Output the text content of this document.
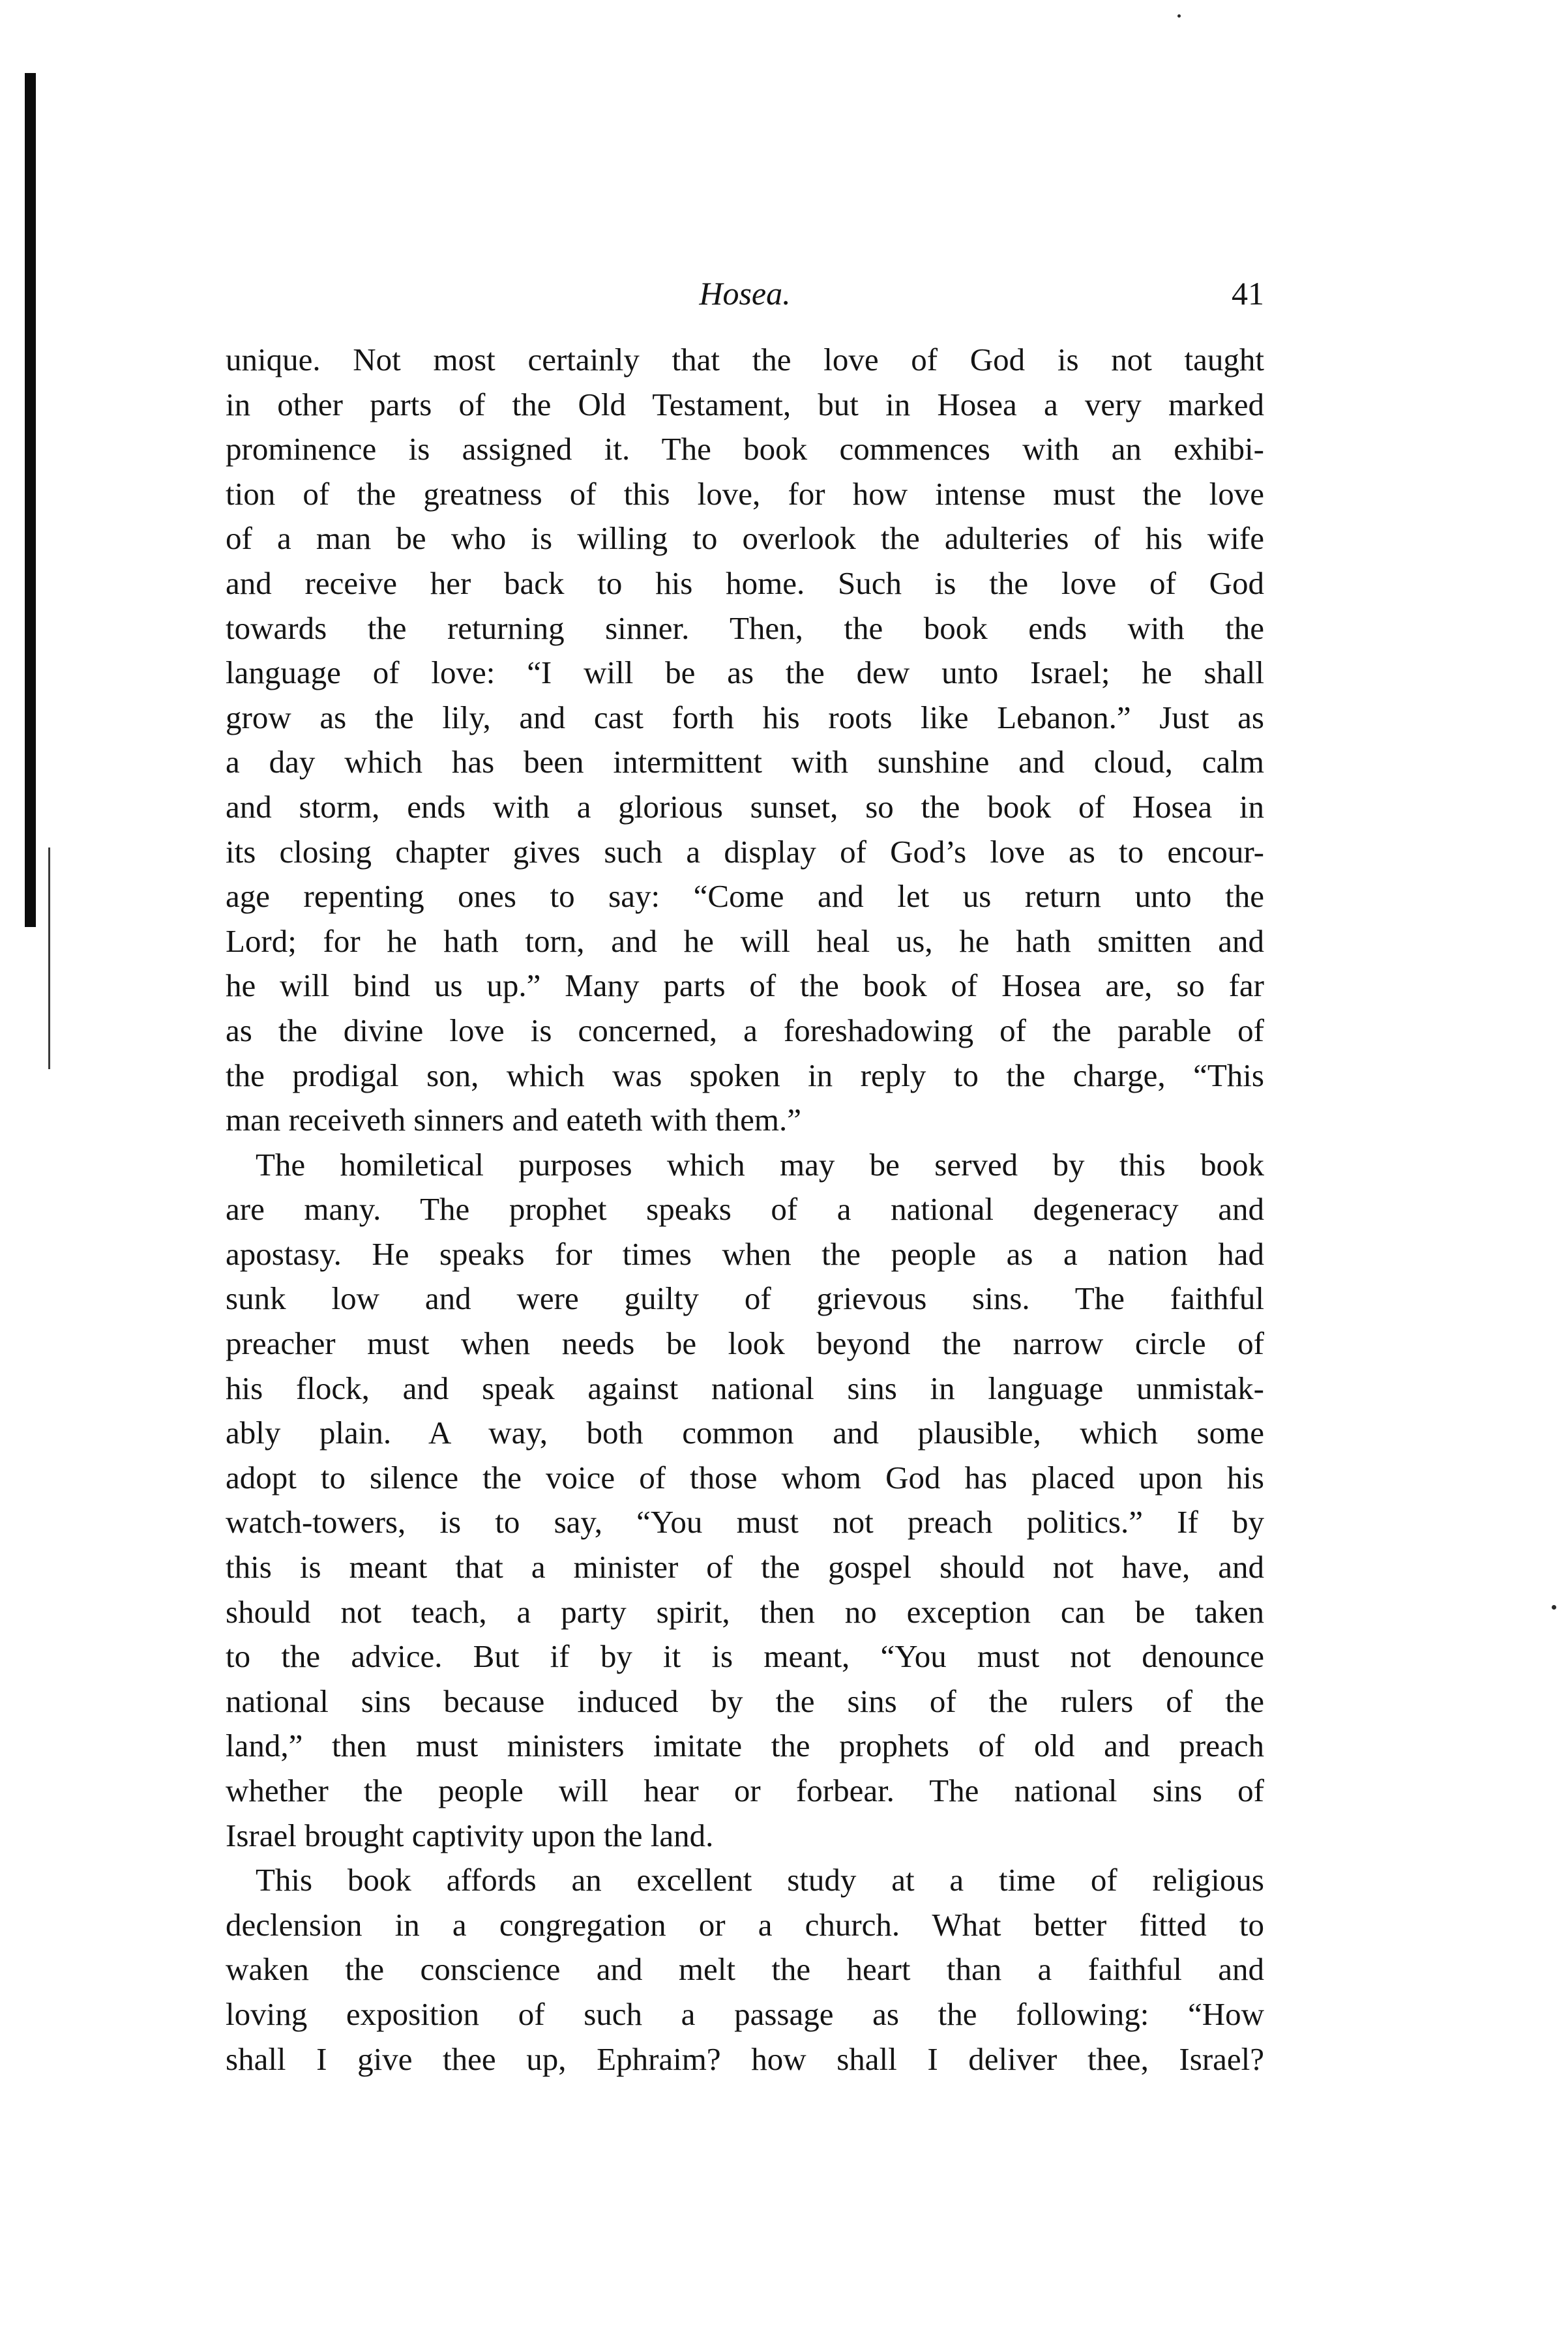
Hosea.	41
unique. Not most certainly that the love of God is not taught
in other parts of the Old Testament, but in Hosea a very marked
prominence is assigned it. The book commences with an exhibi-
tion of the greatness of this love, for how intense must the love
of a man be who is willing to overlook the adulteries of his wife
and receive her back to his home. Such is the love of God
towards the returning sinner. Then, the book ends with the
language of love: “I will be as the dew unto Israel; he shall
grow as the lily, and cast forth his roots like Lebanon.” Just as
a day which has been intermittent with sunshine and cloud, calm
and storm, ends with a glorious sunset, so the book of Hosea in
its closing chapter gives such a display of God’s love as to encour-
age repenting ones to say: “Come and let us return unto the
Lord; for he hath torn, and he will heal us, he hath smitten and
he will bind us up.” Many parts of the book of Hosea are, so far
as the divine love is concerned, a foreshadowing of the parable of
the prodigal son, which was spoken in reply to the charge, “This
man receiveth sinners and eateth with them.”
The homiletical purposes which may be served by this book
are many. The prophet speaks of a national degeneracy and
apostasy. He speaks for times when the people as a nation had
sunk low and were guilty of grievous sins. The faithful
preacher must when needs be look beyond the narrow circle of
his flock, and speak against national sins in language unmistak-
ably plain. A way, both common and plausible, which some
adopt to silence the voice of those whom God has placed upon his
watch-towers, is to say, “You must not preach politics.” If by
this is meant that a minister of the gospel should not have, and
should not teach, a party spirit, then no exception can be taken
to the advice. But if by it is meant, “You must not denounce
national sins because induced by the sins of the rulers of the
land,” then must ministers imitate the prophets of old and preach
whether the people will hear or forbear. The national sins of
Israel brought captivity upon the land.
This book affords an excellent study at a time of religious
declension in a congregation or a church. What better fitted to
waken the conscience and melt the heart than a faithful and
loving exposition of such a passage as the following: “How
shall I give thee up, Ephraim? how shall I deliver thee, Israel?
